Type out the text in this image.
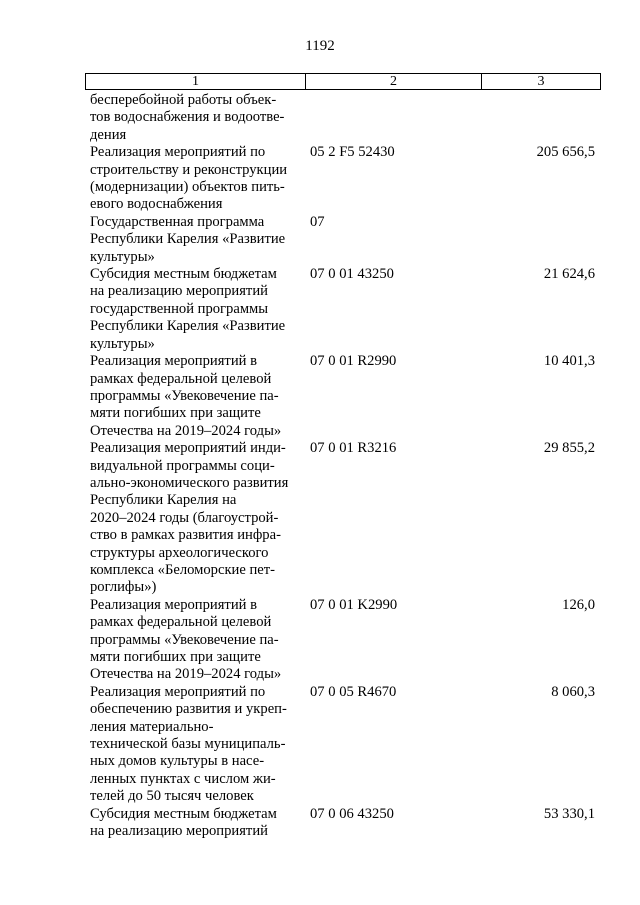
1192
1	2	3
бесперебойной работы объек-
тов водоснабжения и водоотве-
дения
Реализация мероприятий по
строительству и реконструкции
(модернизации) объектов пить-
евого водоснабжения
05 2 F5 52430	205 656,5
Государственная программа
Республики Карелия «Развитие
культуры»
07
Субсидия местным бюджетам
на реализацию мероприятий
государственной программы
Республики Карелия «Развитие
культуры»
07 0 01 43250	21 624,6
Реализация мероприятий в
рамках федеральной целевой
программы «Увековечение па-
мяти погибших при защите
Отечества на 2019–2024 годы»
07 0 01 R2990	10 401,3
Реализация мероприятий инди-
видуальной программы соци-
ально-экономического развития
Республики Карелия на
2020–2024 годы (благоустрой-
ство в рамках развития инфра-
структуры археологического
комплекса «Беломорские пет-
роглифы»)
07 0 01 R3216	29 855,2
Реализация мероприятий в
рамках федеральной целевой
программы «Увековечение па-
мяти погибших при защите
Отечества на 2019–2024 годы»
07 0 01 K2990	126,0
Реализация мероприятий по
обеспечению развития и укреп-
ления материально-
технической базы муниципаль-
ных домов культуры в насе-
ленных пунктах с числом жи-
телей до 50 тысяч человек
07 0 05 R4670	8 060,3
Субсидия местным бюджетам
на реализацию мероприятий
07 0 06 43250	53 330,1
